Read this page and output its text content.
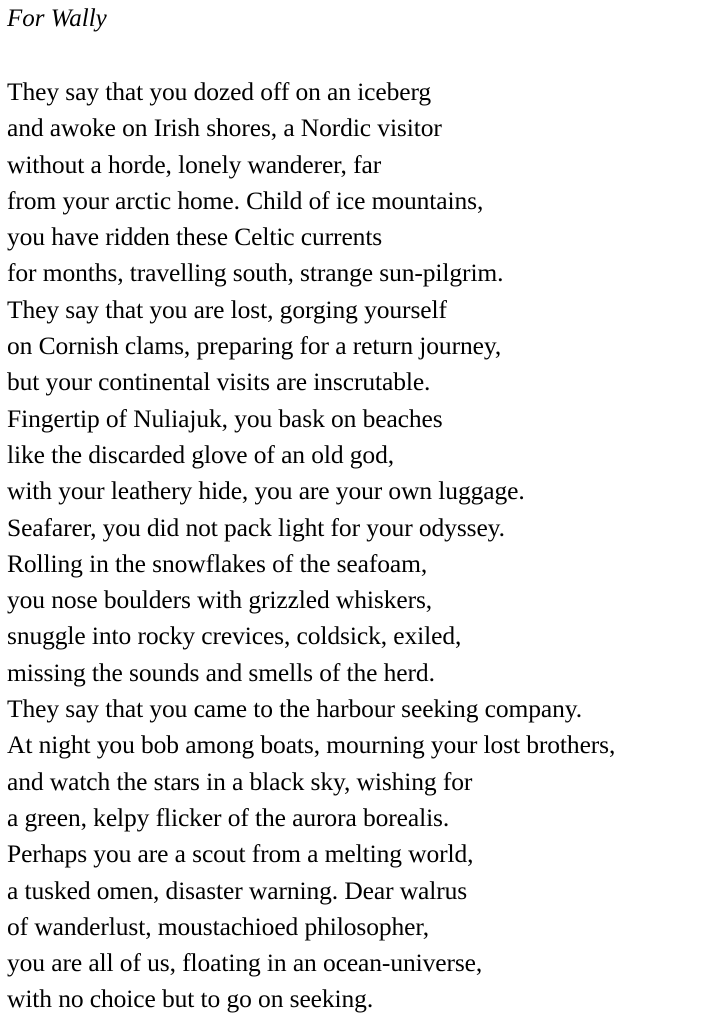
For Wally
They say that you dozed off on an iceberg
and awoke on Irish shores, a Nordic visitor
without a horde, lonely wanderer, far
from your arctic home. Child of ice mountains,
you have ridden these Celtic currents
for months, travelling south, strange sun-pilgrim.
They say that you are lost, gorging yourself
on Cornish clams, preparing for a return journey,
but your continental visits are inscrutable.
Fingertip of Nuliajuk, you bask on beaches
like the discarded glove of an old god,
with your leathery hide, you are your own luggage.
Seafarer, you did not pack light for your odyssey.
Rolling in the snowflakes of the seafoam,
you nose boulders with grizzled whiskers,
snuggle into rocky crevices, coldsick, exiled,
missing the sounds and smells of the herd.
They say that you came to the harbour seeking company.
At night you bob among boats, mourning your lost brothers,
and watch the stars in a black sky, wishing for
a green, kelpy flicker of the aurora borealis.
Perhaps you are a scout from a melting world,
a tusked omen, disaster warning. Dear walrus
of wanderlust, moustachioed philosopher,
you are all of us, floating in an ocean-universe,
with no choice but to go on seeking.
